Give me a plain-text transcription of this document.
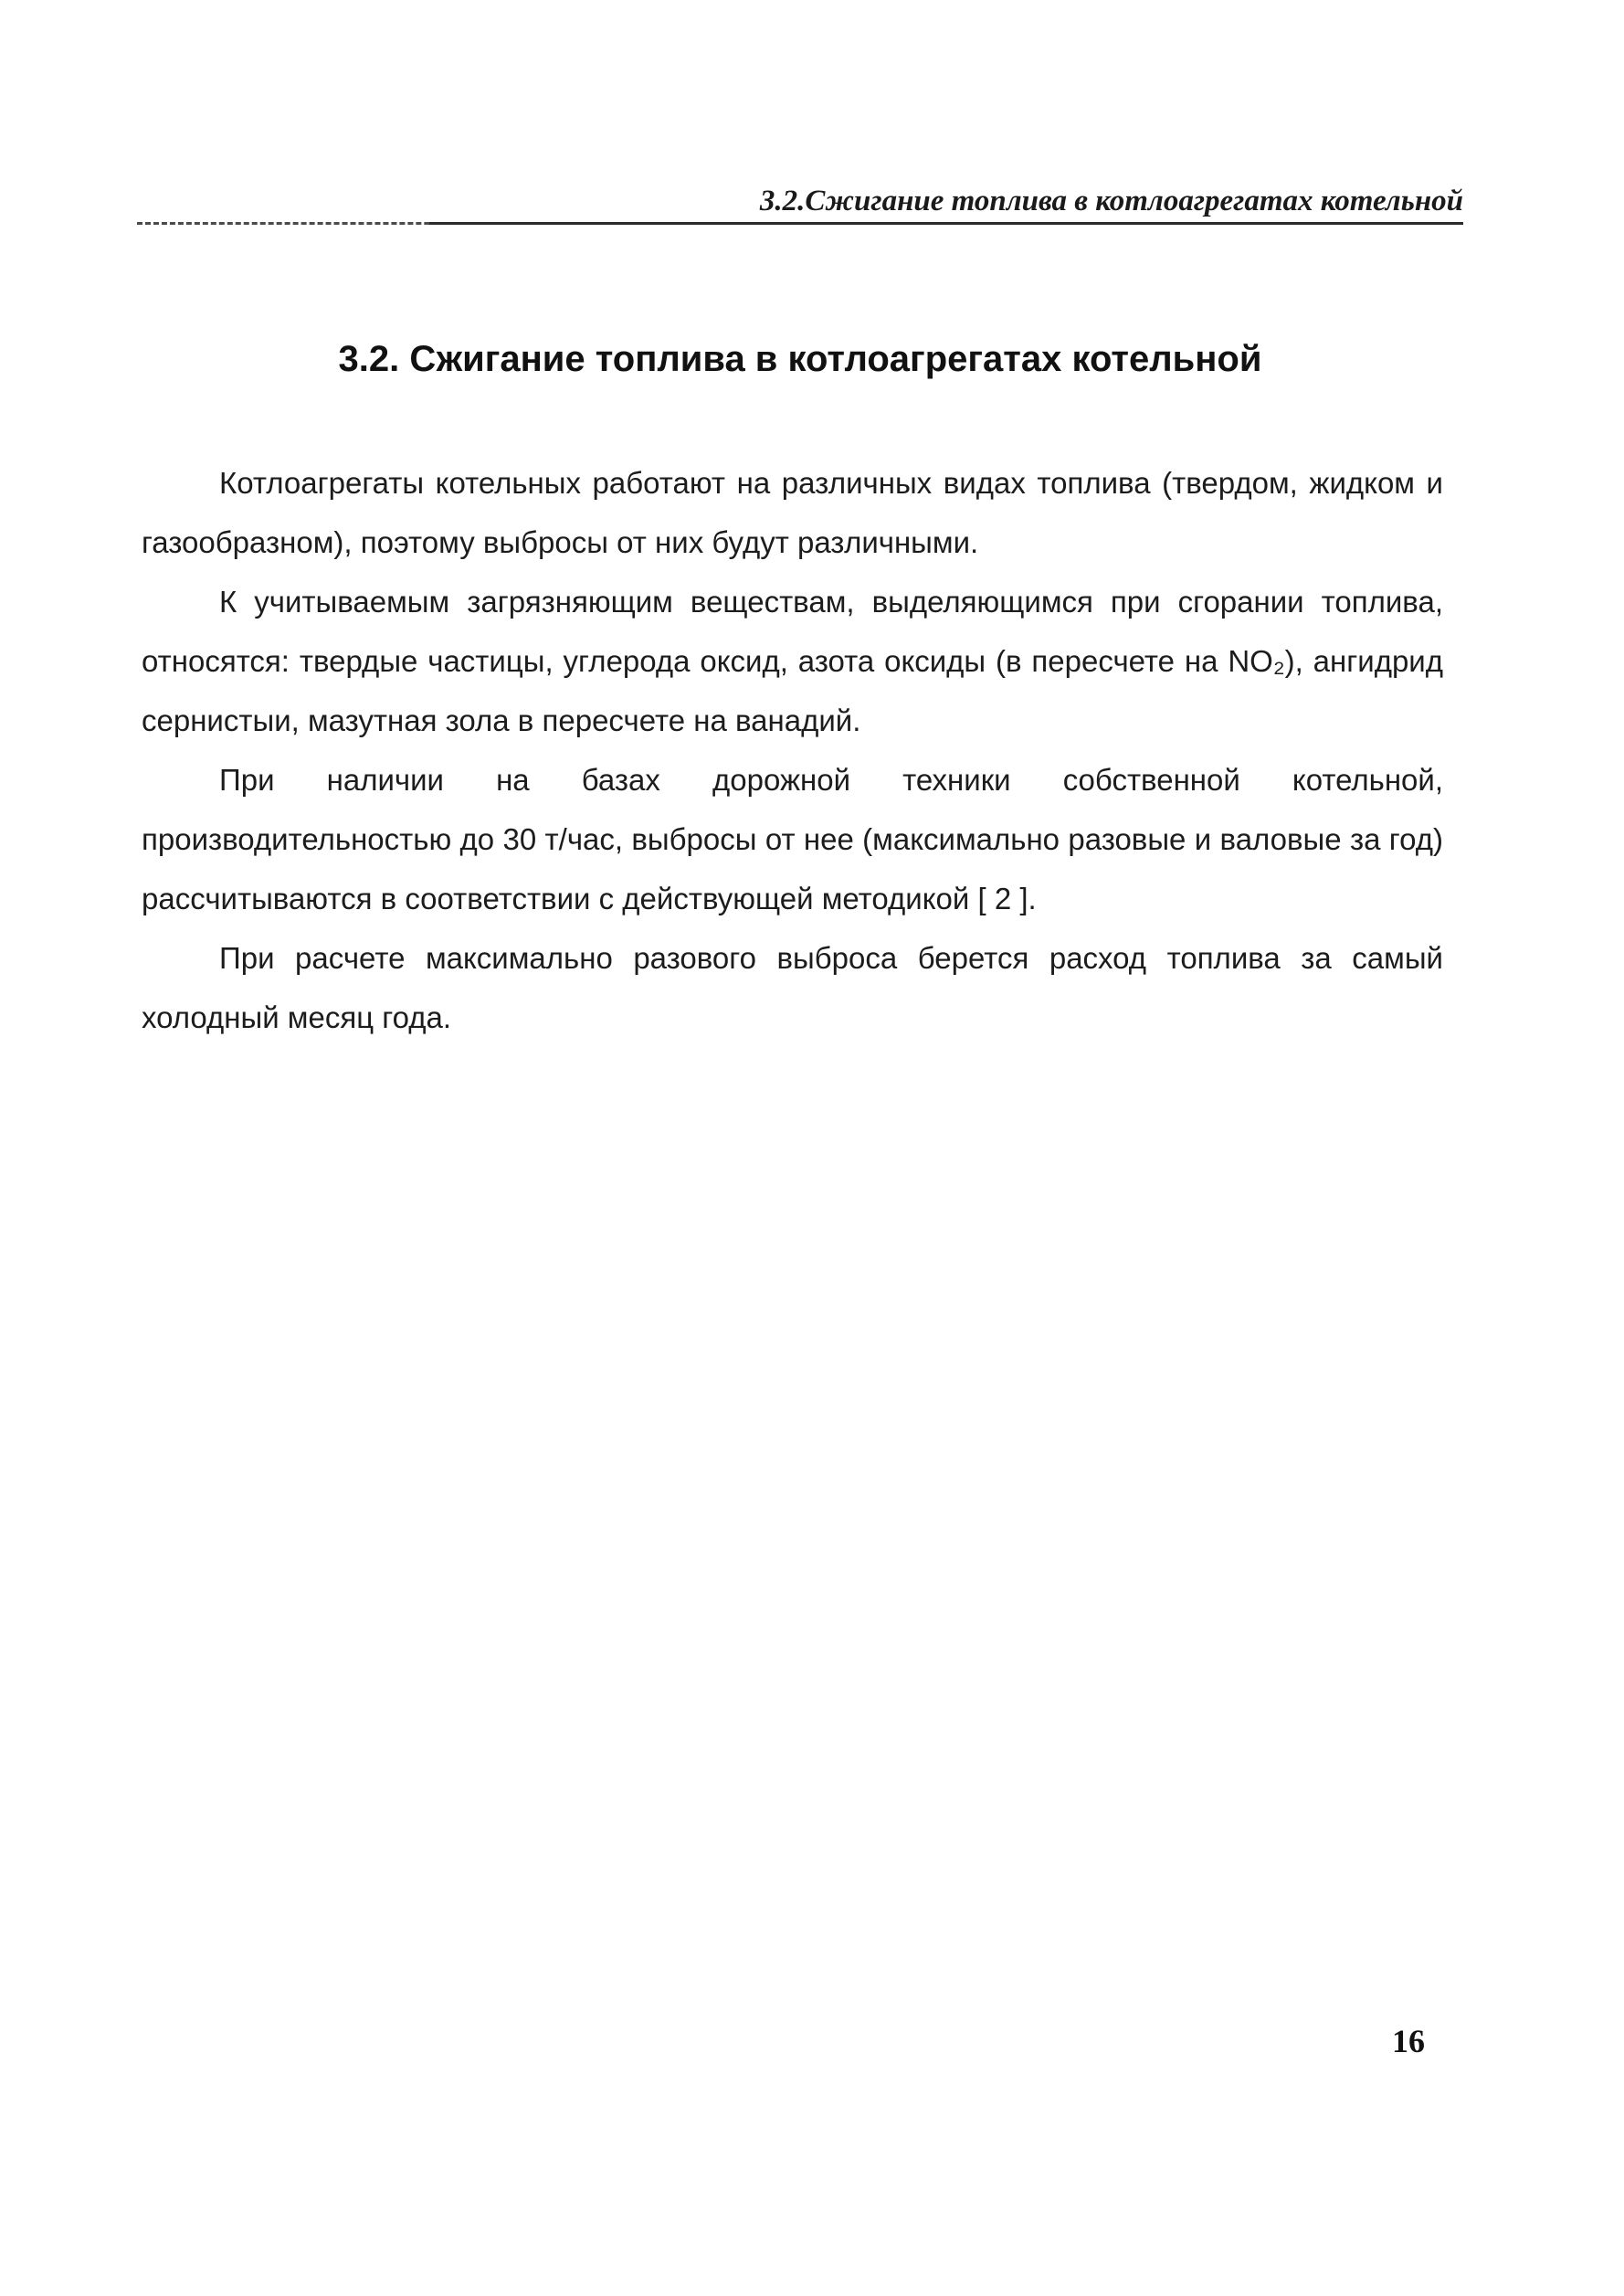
3.2.Сжигание топлива в котлоагрегатах котельной
3.2. Сжигание топлива в котлоагрегатах котельной

Котлоагрегаты котельных работают на различных видах топлива (твердом, жидком и газообразном), поэтому выбросы от них будут различными.

К учитываемым загрязняющим веществам, выделяющимся при сгорании топлива, относятся: твердые частицы, углерода оксид, азота оксиды (в пересчете на NO₂), ангидрид сернистыи, мазутная зола в пересчете на ванадий.

При наличии на базах дорожной техники собственной котельной, производительностью до 30 т/час, выбросы от нее (максимально разовые и валовые за год) рассчитываются в соответствии с действующей методикой [ 2 ].

При расчете максимально разового выброса берется расход топлива за самый холодный месяц года.

16
